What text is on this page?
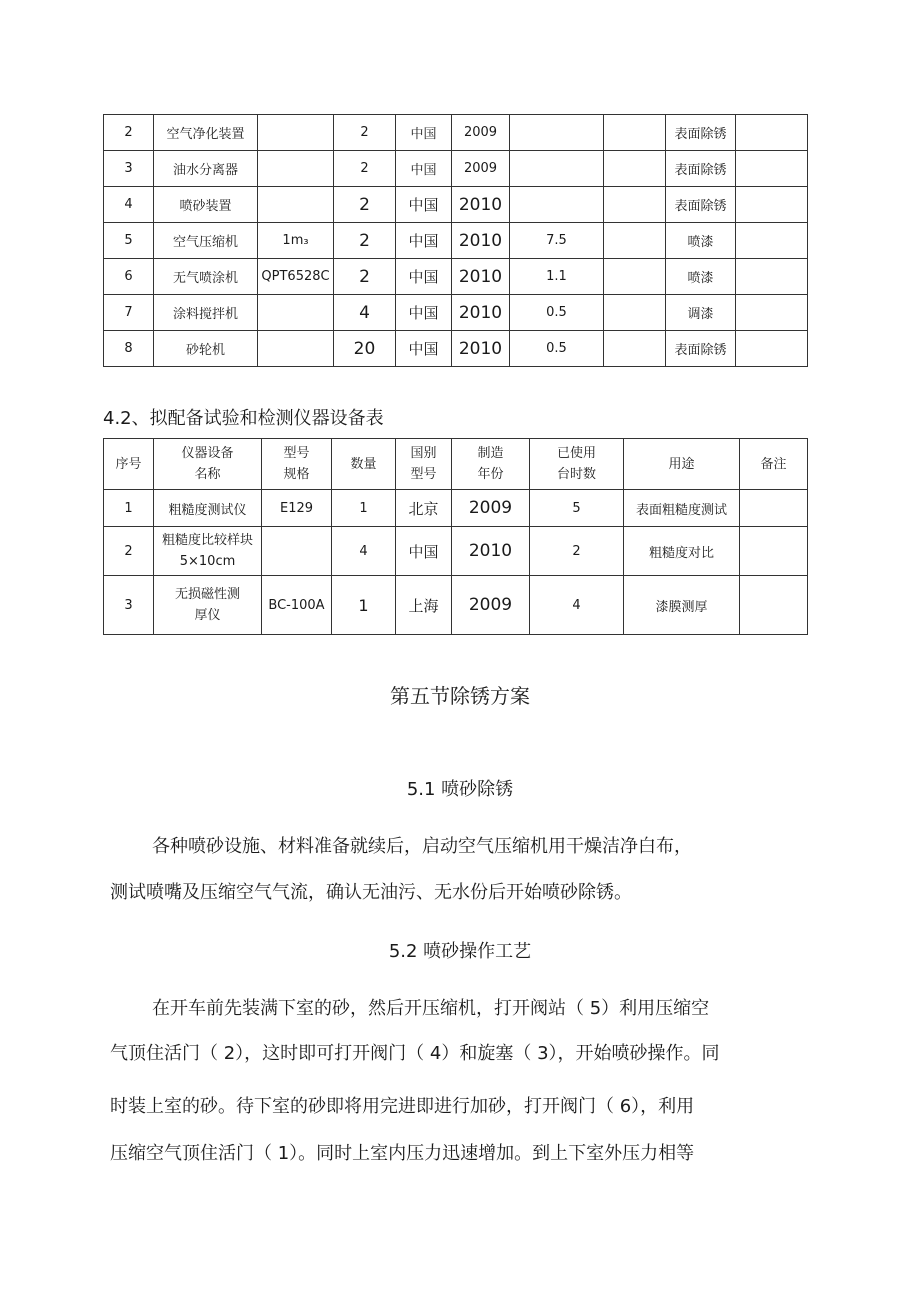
2	空气净化装置		2	中国	2009			表面除锈	
3	油水分离器		2	中国	2009			表面除锈	
4	喷砂装置		2	中国	2010			表面除锈	
5	空气压缩机	1m₃	2	中国	2010	7.5		喷漆	
6	无气喷涂机	QPT6528C	2	中国	2010	1.1		喷漆	
7	涂料搅拌机		4	中国	2010	0.5		调漆	
8	砂轮机		20	中国	2010	0.5		表面除锈	
4.2、拟配备试验和检测仪器设备表
序号	仪器设备名称	型号规格	数量	国别型号	制造年份	已使用台时数	用途	备注
1	粗糙度测试仪	E129	1	北京	2009	5	表面粗糙度测试	
2	粗糙度比较样块 5×10cm		4	中国	2010	2	粗糙度对比	
3	无损磁性测厚仪	BC-100A	1	上海	2009	4	漆膜测厚	
第五节除锈方案
5.1 喷砂除锈
各种喷砂设施、材料准备就续后，启动空气压缩机用干燥洁净白布，
测试喷嘴及压缩空气气流，确认无油污、无水份后开始喷砂除锈。
5.2 喷砂操作工艺
在开车前先装满下室的砂，然后开压缩机，打开阀站（ 5）利用压缩空
气顶住活门（ 2），这时即可打开阀门（ 4）和旋塞（ 3），开始喷砂操作。同
时装上室的砂。待下室的砂即将用完进即进行加砂，打开阀门（ 6），利用
压缩空气顶住活门（ 1）。同时上室内压力迅速增加。到上下室外压力相等
